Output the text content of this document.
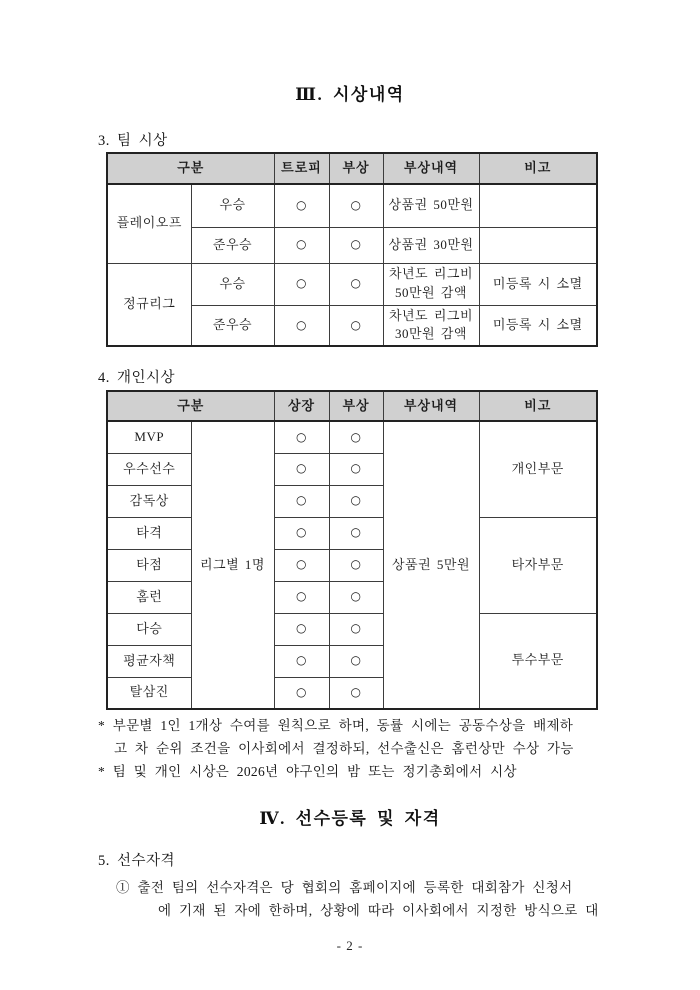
Ⅲ. 시상내역
3. 팀 시상
구분		트로피	부상	부상내역	비고
플레이오프	우승	○	○	상품권 50만원	
	준우승	○	○	상품권 30만원	
정규리그	우승	○	○	차년도 리그비 50만원 감액	미등록 시 소멸
	준우승	○	○	차년도 리그비 30만원 감액	미등록 시 소멸
4. 개인시상
구분		상장	부상	부상내역	비고
MVP	리그별 1명	○	○	상품권 5만원	개인부문
우수선수		○	○		
감독상		○	○		
타격		○	○		타자부문
타점		○	○		
홈런		○	○		
다승		○	○		투수부문
평균자책		○	○		
탈삼진		○	○		
* 부문별 1인 1개상 수여를 원칙으로 하며, 동률 시에는 공동수상을 배제하
고 차 순위 조건을 이사회에서 결정하되, 선수출신은 홈런상만 수상 가능
* 팀 및 개인 시상은 2026년 야구인의 밤 또는 정기총회에서 시상
Ⅳ. 선수등록 및 자격
5. 선수자격
① 출전 팀의 선수자격은 당 협회의 홈페이지에 등록한 대회참가 신청서
에 기재 된 자에 한하며, 상황에 따라 이사회에서 지정한 방식으로 대
- 2 -
